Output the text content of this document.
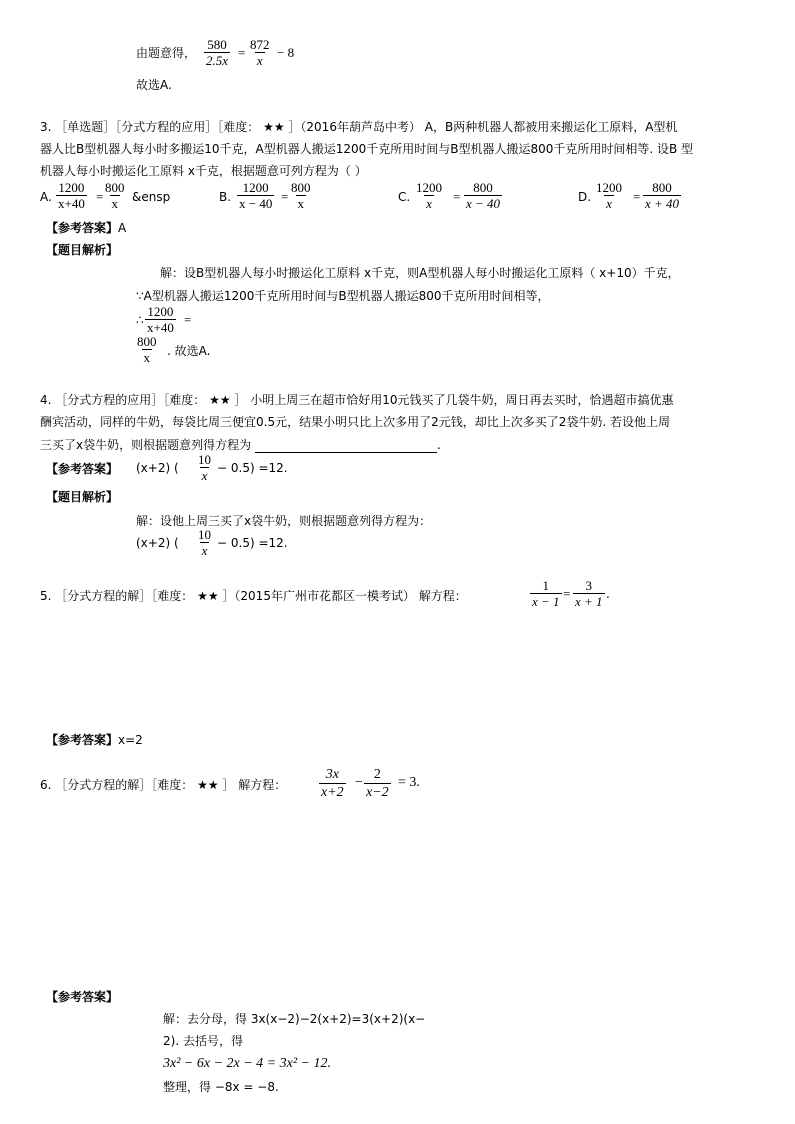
由题意得， $\frac{580}{2.5x} = \frac{872}{x} - 8$
故选A.
3. ［单选题］［分式方程的应用］［难度： ★★ ］（2016年葫芦岛中考） A，B两种机器人都被用来搬运化工原料，A型机
器人比B型机器人每小时多搬运10千克，A型机器人搬运1200千克所用时间与B型机器人搬运800千克所用时间相等. 设B 型
机器人每小时搬运化工原料 x千克，根据题意可列方程为（ ）
A. $\frac{1200}{x+40} = \frac{800}{x}$ &ensp	B. $\frac{1200}{x - 40} = \frac{800}{x}$	C. $\frac{1200}{x} = \frac{800}{x - 40}$	D. $\frac{1200}{x} = \frac{800}{x + 40}$
【参考答案】A
【题目解析】
解：设B型机器人每小时搬运化工原料 x千克，则A型机器人每小时搬运化工原料（ x+10）千克，
∵A型机器人搬运1200千克所用时间与B型机器人搬运800千克所用时间相等，
∴ $\frac{1200}{x+40}$ =
$\frac{800}{x}$ . 故选A.
4. ［分式方程的应用］［难度： ★★ ］ 小明上周三在超市恰好用10元钱买了几袋牛奶，周日再去买时，恰遇超市搞优惠
酬宾活动，同样的牛奶，每袋比周三便宜0.5元，结果小明只比上次多用了2元钱，却比上次多买了2袋牛奶. 若设他上周
三买了x袋牛奶，则根据题意列得方程为	.
【参考答案】 (x+2) ( $\frac{10}{x} - 0.5) =12$.
【题目解析】
解：设他上周三买了x袋牛奶，则根据题意列得方程为：
(x+2) ( $\frac{10}{x} - 0.5) =12$.
5. ［分式方程的解］［难度： ★★ ］（2015年广州市花都区一模考试） 解方程：	$\frac{1}{x - 1} = \frac{3}{x + 1}$ .
【参考答案】x=2
6. ［分式方程的解］［难度： ★★ ］ 解方程： $\frac{3x}{x+2} - \frac{2}{x-2} = 3$.
【参考答案】
解：去分母，得 3x(x−2)−2(x+2)=3(x+2)(x−
2). 去括号，得
3x² − 6x − 2x − 4 = 3x² − 12.
整理，得 −8x = −8.
